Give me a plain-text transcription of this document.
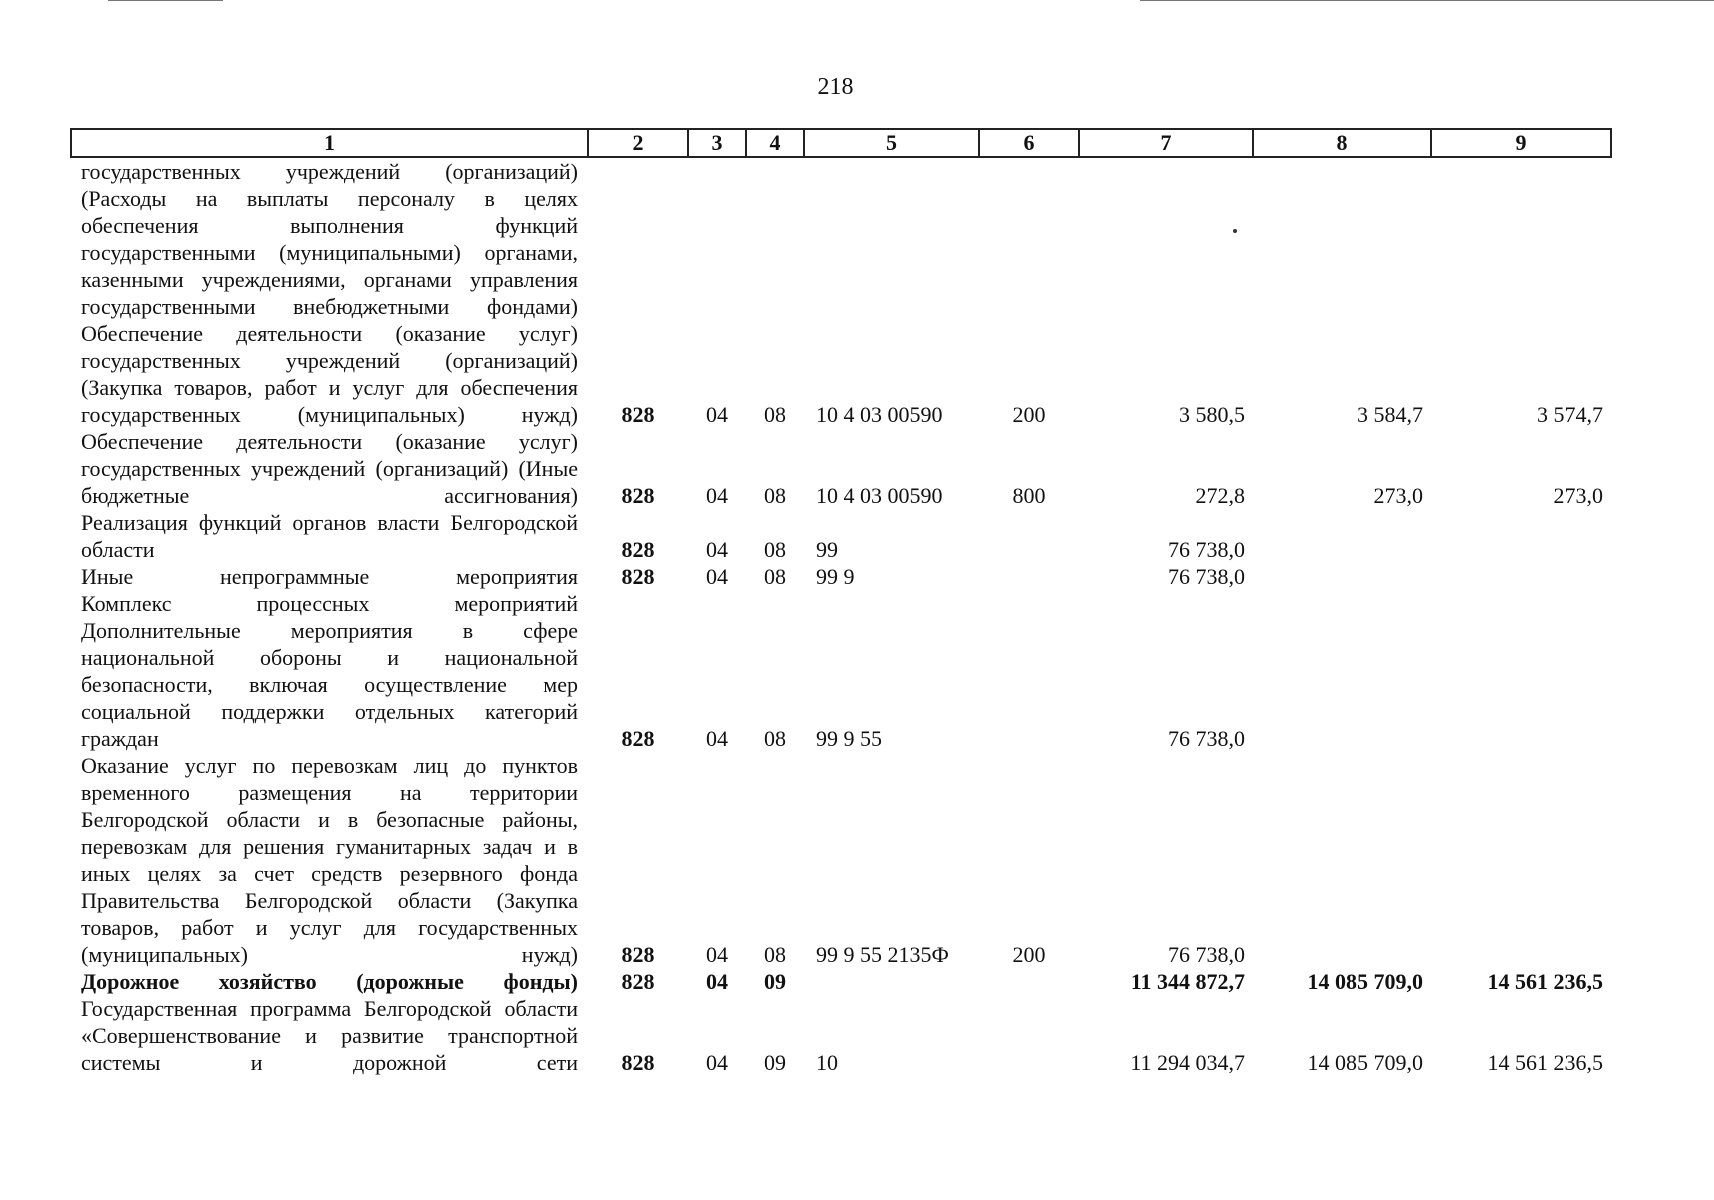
218
1	2	3	4	5	6	7	8	9
государственных учреждений (организаций) (Расходы на выплаты персоналу в целях обеспечения выполнения функций государственными (муниципальными) органами, казенными учреждениями, органами управления государственными внебюджетными фондами)								
Обеспечение деятельности (оказание услуг) государственных учреждений (организаций) (Закупка товаров, работ и услуг для обеспечения государственных (муниципальных) нужд)	828	04	08	10 4 03 00590	200	3 580,5	3 584,7	3 574,7
Обеспечение деятельности (оказание услуг) государственных учреждений (организаций) (Иные бюджетные ассигнования)	828	04	08	10 4 03 00590	800	272,8	273,0	273,0
Реализация функций органов власти Белгородской области	828	04	08	99		76 738,0		
Иные непрограммные мероприятия	828	04	08	99 9		76 738,0		
Комплекс процессных мероприятий Дополнительные мероприятия в сфере национальной обороны и национальной безопасности, включая осуществление мер социальной поддержки отдельных категорий граждан	828	04	08	99 9 55		76 738,0		
Оказание услуг по перевозкам лиц до пунктов временного размещения на территории Белгородской области и в безопасные районы, перевозкам для решения гуманитарных задач и в иных целях за счет средств резервного фонда Правительства Белгородской области (Закупка товаров, работ и услуг для государственных (муниципальных) нужд)	828	04	08	99 9 55 2135Ф	200	76 738,0		
Дорожное хозяйство (дорожные фонды)	828	04	09			11 344 872,7	14 085 709,0	14 561 236,5
Государственная программа Белгородской области «Совершенствование и развитие транспортной системы и дорожной сети	828	04	09	10		11 294 034,7	14 085 709,0	14 561 236,5
